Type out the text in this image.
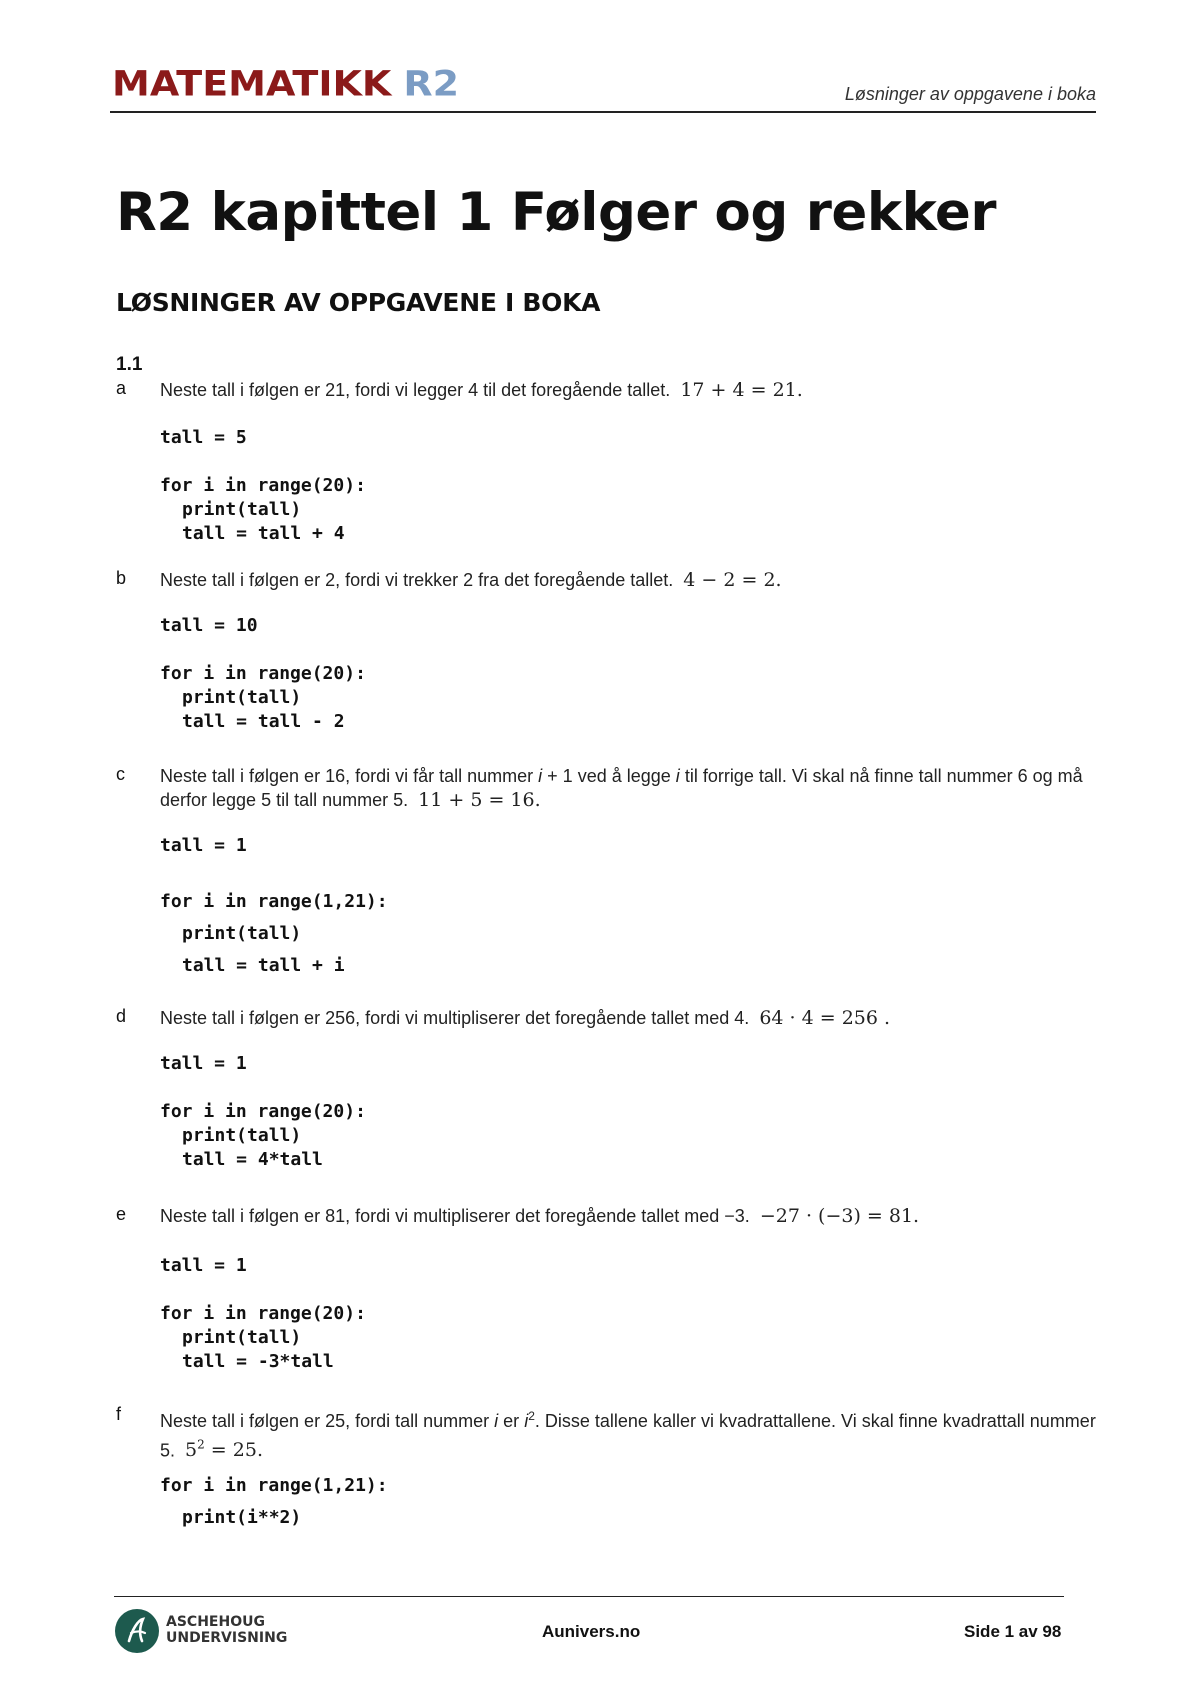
MATEMATIKK R2	Løsninger av oppgavene i boka
R2 kapittel 1 Følger og rekker
LØSNINGER AV OPPGAVENE I BOKA
1.1
a Neste tall i følgen er 21, fordi vi legger 4 til det foregående tallet. 17 + 4 = 21.
tall = 5
for i in range(20):
print(tall)
tall = tall + 4
b Neste tall i følgen er 2, fordi vi trekker 2 fra det foregående tallet. 4 − 2 = 2.
tall = 10
for i in range(20):
print(tall)
tall = tall - 2
c Neste tall i følgen er 16, fordi vi får tall nummer i + 1 ved å legge i til forrige tall. Vi skal nå finne tall nummer 6 og må derfor legge 5 til tall nummer 5. 11 + 5 = 16.
tall = 1
for i in range(1,21):
print(tall)
tall = tall + i
d Neste tall i følgen er 256, fordi vi multipliserer det foregående tallet med 4. 64 · 4 = 256 .
tall = 1
for i in range(20):
print(tall)
tall = 4*tall
e Neste tall i følgen er 81, fordi vi multipliserer det foregående tallet med −3. −27 · (−3) = 81.
tall = 1
for i in range(20):
print(tall)
tall = -3*tall
f Neste tall i følgen er 25, fordi tall nummer i er $i^2$. Disse tallene kaller vi kvadrattallene. Vi skal finne kvadrattall nummer 5. $5^2 = 25$.
for i in range(1,21):
print(i**2)
ASCHEHOUG
UNDERVISNING	Aunivers.no	Side 1 av 98
